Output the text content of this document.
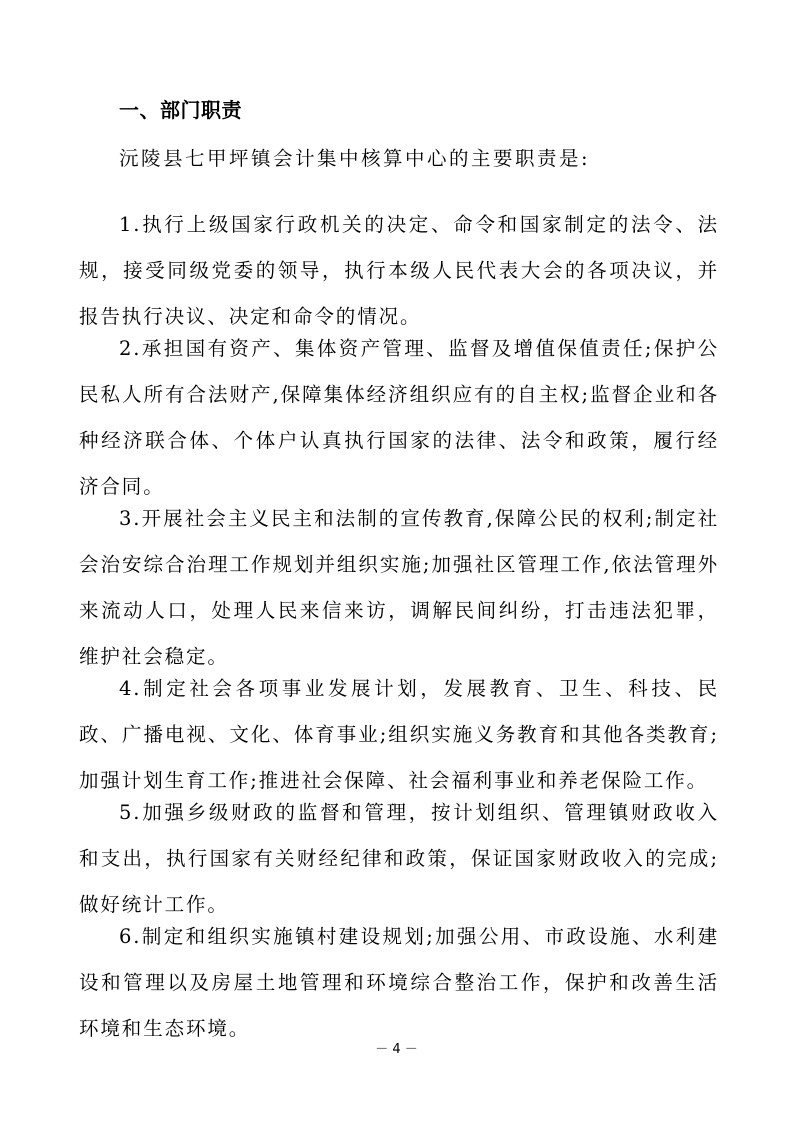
一、部门职责
沅陵县七甲坪镇会计集中核算中心的主要职责是:

1.执行上级国家行政机关的决定、命令和国家制定的法令、法规，接受同级党委的领导，执行本级人民代表大会的各项决议，并报告执行决议、决定和命令的情况。

2.承担国有资产、集体资产管理、监督及增值保值责任;保护公民私人所有合法财产,保障集体经济组织应有的自主权;监督企业和各种经济联合体、个体户认真执行国家的法律、法令和政策，履行经济合同。

3.开展社会主义民主和法制的宣传教育,保障公民的权利;制定社会治安综合治理工作规划并组织实施;加强社区管理工作,依法管理外来流动人口，处理人民来信来访，调解民间纠纷，打击违法犯罪，维护社会稳定。

4.制定社会各项事业发展计划，发展教育、卫生、科技、民政、广播电视、文化、体育事业;组织实施义务教育和其他各类教育;加强计划生育工作;推进社会保障、社会福利事业和养老保险工作。

5.加强乡级财政的监督和管理，按计划组织、管理镇财政收入和支出，执行国家有关财经纪律和政策，保证国家财政收入的完成;做好统计工作。

6.制定和组织实施镇村建设规划;加强公用、市政设施、水利建设和管理以及房屋土地管理和环境综合整治工作，保护和改善生活环境和生态环境。

－ 4 －
